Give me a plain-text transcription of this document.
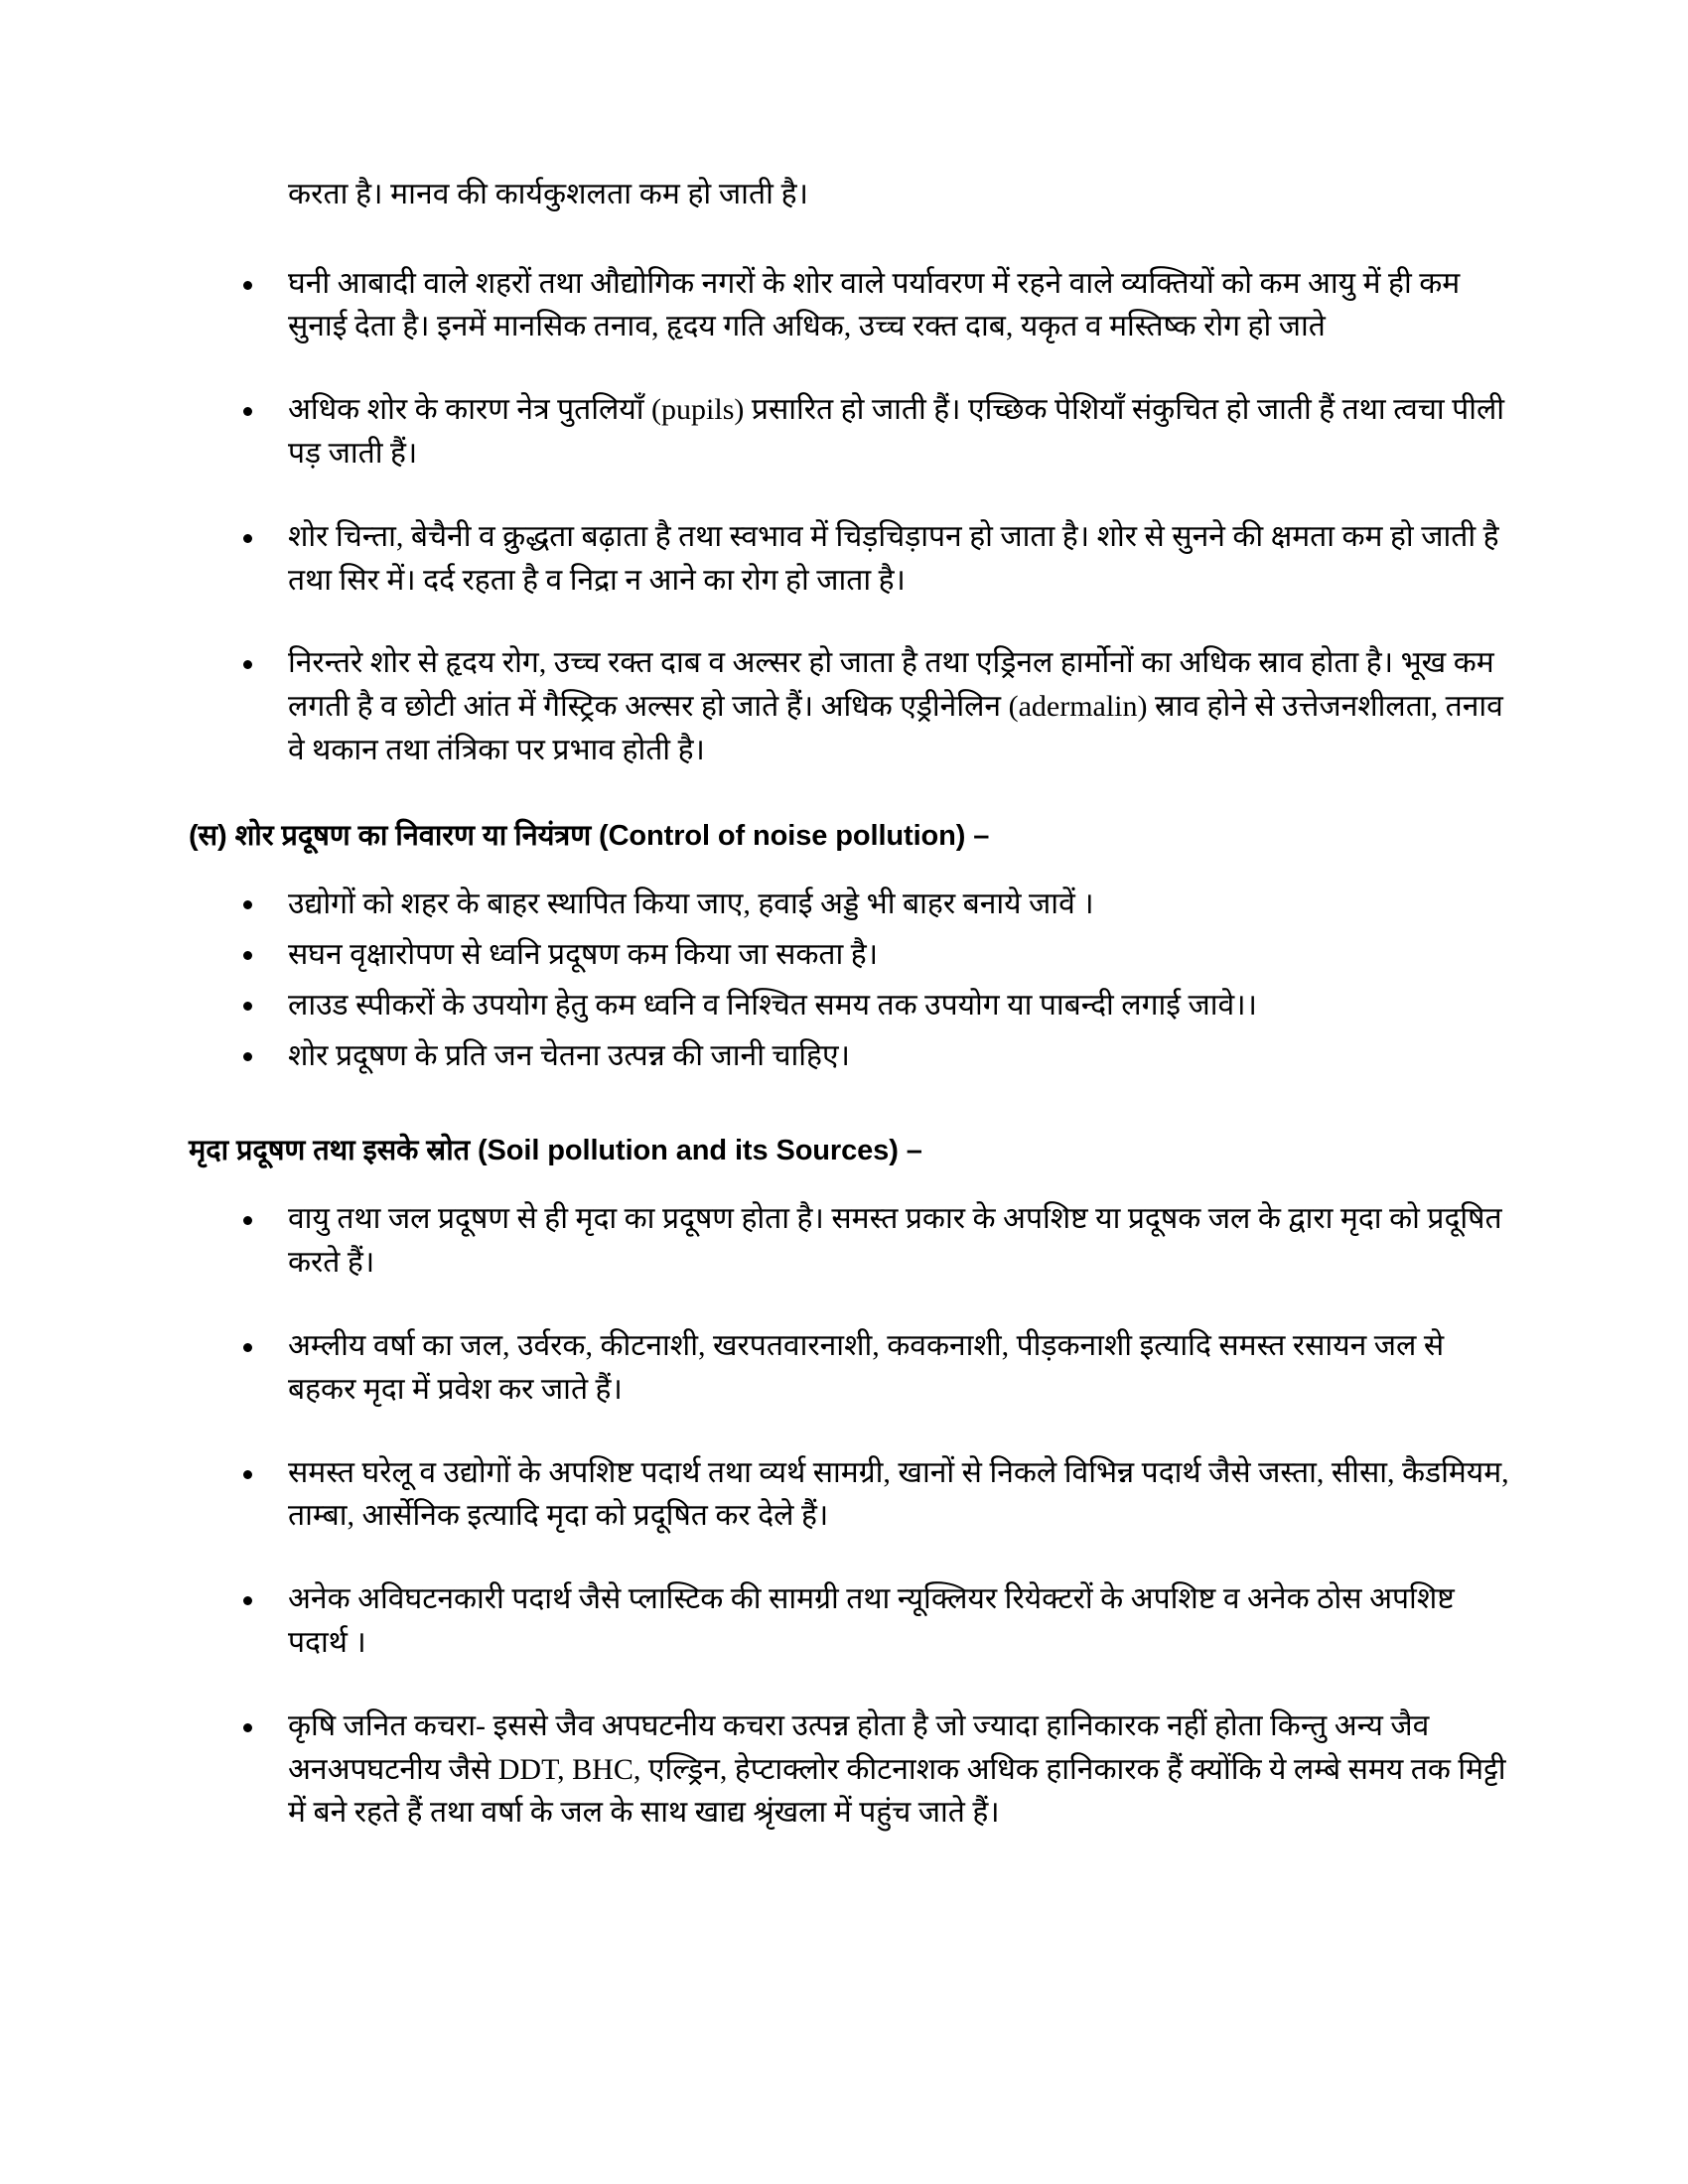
करता है। मानव की कार्यकुशलता कम हो जाती है।

घनी आबादी वाले शहरों तथा औद्योगिक नगरों के शोर वाले पर्यावरण में रहने वाले व्यक्तियों को कम आयु में ही कम सुनाई देता है। इनमें मानसिक तनाव, हृदय गति अधिक, उच्च रक्त दाब, यकृत व मस्तिष्क रोग हो जाते
अधिक शोर के कारण नेत्र पुतलियाँ (pupils) प्रसारित हो जाती हैं। एच्छिक पेशियाँ संकुचित हो जाती हैं तथा त्वचा पीली पड़ जाती हैं।
शोर चिन्ता, बेचैनी व क्रुद्धता बढ़ाता है तथा स्वभाव में चिड़चिड़ापन हो जाता है। शोर से सुनने की क्षमता कम हो जाती है तथा सिर में। दर्द रहता है व निद्रा न आने का रोग हो जाता है।
निरन्तरे शोर से हृदय रोग, उच्च रक्त दाब व अल्सर हो जाता है तथा एड्रिनल हार्मोनों का अधिक स्राव होता है। भूख कम लगती है व छोटी आंत में गैस्ट्रिक अल्सर हो जाते हैं। अधिक एड्रीनेलिन (adermalin) स्राव होने से उत्तेजनशीलता, तनाव वे थकान तथा तंत्रिका पर प्रभाव होती है।
(स) शोर प्रदूषण का निवारण या नियंत्रण (Control of noise pollution) –
उद्योगों को शहर के बाहर स्थापित किया जाए, हवाई अड्डे भी बाहर बनाये जावें ।
सघन वृक्षारोपण से ध्वनि प्रदूषण कम किया जा सकता है।
लाउड स्पीकरों के उपयोग हेतु कम ध्वनि व निश्चित समय तक उपयोग या पाबन्दी लगाई जावे।।
शोर प्रदूषण के प्रति जन चेतना उत्पन्न की जानी चाहिए।
मृदा प्रदूषण तथा इसके स्रोत (Soil pollution and its Sources) –
वायु तथा जल प्रदूषण से ही मृदा का प्रदूषण होता है। समस्त प्रकार के अपशिष्ट या प्रदूषक जल के द्वारा मृदा को प्रदूषित करते हैं।
अम्लीय वर्षा का जल, उर्वरक, कीटनाशी, खरपतवारनाशी, कवकनाशी, पीड़कनाशी इत्यादि समस्त रसायन जल से बहकर मृदा में प्रवेश कर जाते हैं।
समस्त घरेलू व उद्योगों के अपशिष्ट पदार्थ तथा व्यर्थ सामग्री, खानों से निकले विभिन्न पदार्थ जैसे जस्ता, सीसा, कैडमियम, ताम्बा, आर्सेनिक इत्यादि मृदा को प्रदूषित कर देले हैं।
अनेक अविघटनकारी पदार्थ जैसे प्लास्टिक की सामग्री तथा न्यूक्लियर रियेक्टरों के अपशिष्ट व अनेक ठोस अपशिष्ट पदार्थ ।
कृषि जनित कचरा- इससे जैव अपघटनीय कचरा उत्पन्न होता है जो ज्यादा हानिकारक नहीं होता किन्तु अन्य जैव अनअपघटनीय जैसे DDT, BHC, एल्ड्रिन, हेप्टाक्लोर कीटनाशक अधिक हानिकारक हैं क्योंकि ये लम्बे समय तक मिट्टी में बने रहते हैं तथा वर्षा के जल के साथ खाद्य श्रृंखला में पहुंच जाते हैं।
